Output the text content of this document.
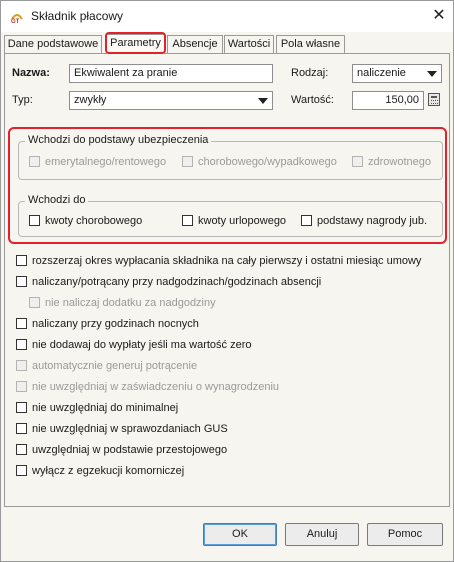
GT Składnik płacowy	✕
Dane podstawowe	Parametry	Absencje Wartości Pola własne
Nazwa:	Ekwiwalent za pranie
Typ:	zwykły
Rodzaj:	naliczenie
Wartość:	150,00
Wchodzi do podstawy ubezpieczenia
emerytalnego/rentowego	chorobowego/wypadkowego	zdrowotnego
Wchodzi do
kwoty chorobowego	kwoty urlopowego	podstawy nagrody jub.
rozszerzaj okres wypłacania składnika na cały pierwszy i ostatni miesiąc umowy
naliczany/potrącany przy nadgodzinach/godzinach absencji
nie naliczaj dodatku za nadgodziny
naliczany przy godzinach nocnych
nie dodawaj do wypłaty jeśli ma wartość zero
automatycznie generuj potrącenie
nie uwzględniaj w zaświadczeniu o wynagrodzeniu
nie uwzględniaj do minimalnej
nie uwzględniaj w sprawozdaniach GUS
uwzględniaj w podstawie przestojowego
wyłącz z egzekucji komorniczej
OK	Anuluj	Pomoc
